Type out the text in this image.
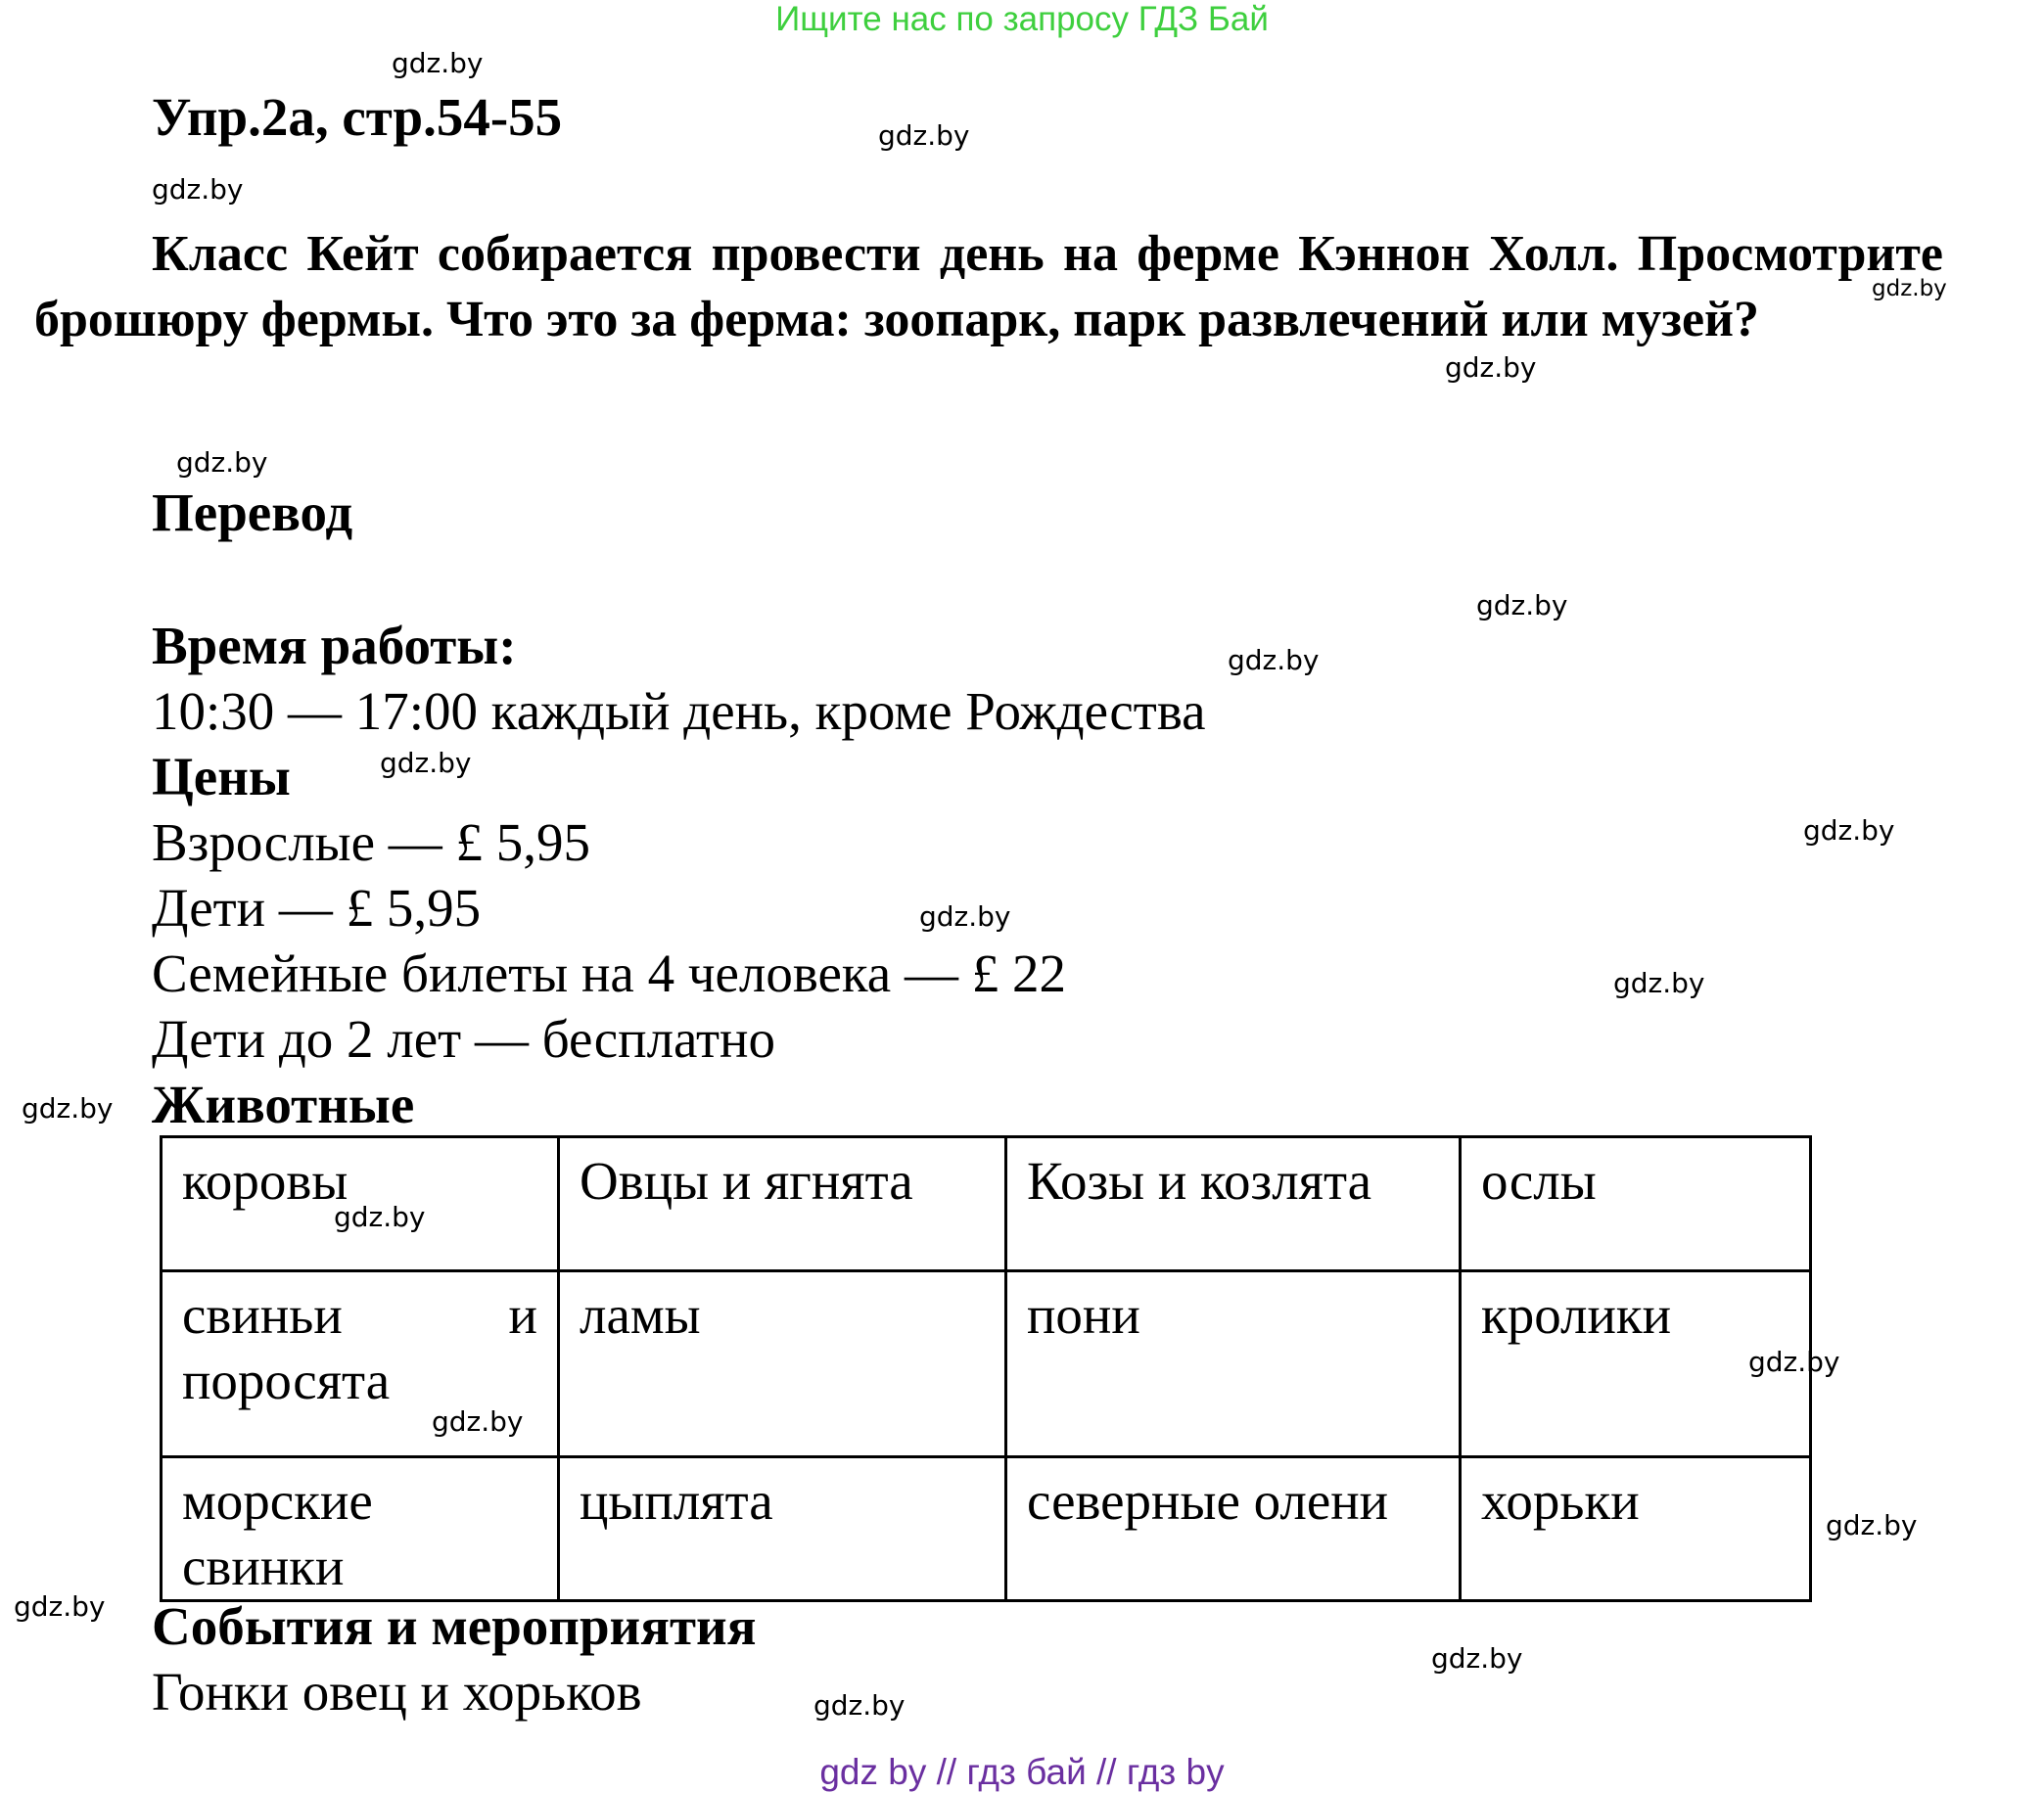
Ищите нас по запросу ГДЗ Бай
Упр.2а, стр.54-55
Класс Кейт собирается провести день на ферме Кэннон Холл. Просмотрите брошюру фермы. Что это за ферма: зоопарк, парк развлечений или музей?
Перевод
Время работы:
10:30 — 17:00 каждый день, кроме Рождества
Цены
Взрослые — £ 5,95
Дети — £ 5,95
Семейные билеты на 4 человека — £ 22
Дети до 2 лет — бесплатно
Животные
коровы	Овцы и ягнята	Козы и козлята	ослы

свиньи и поросята	ламы	пони	кролики
морские свинки	цыплята	северные олени	хорьки
События и мероприятия
Гонки овец и хорьков
gdz.by
gdz.by
gdz.by
gdz.by
gdz.by
gdz.by
gdz.by
gdz.by
gdz.by
gdz.by
gdz.by
gdz.by
gdz.by
gdz.by
gdz.by
gdz.by
gdz.by
gdz.by
gdz.by
gdz.by
gdz by // гдз бай // гдз by
